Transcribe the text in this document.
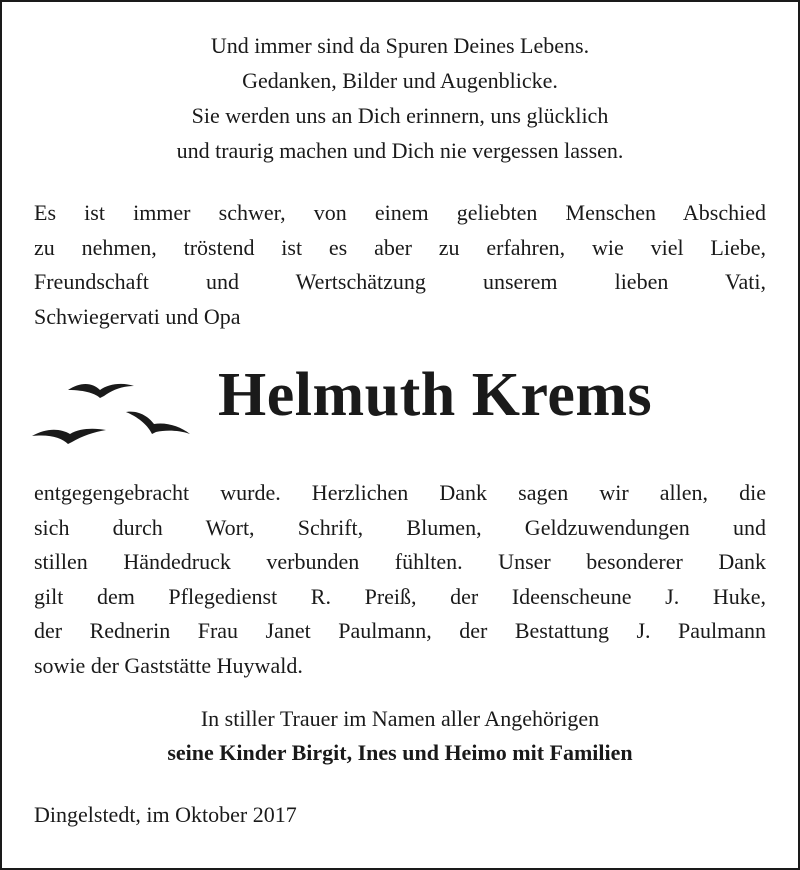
Und immer sind da Spuren Deines Lebens.
Gedanken, Bilder und Augenblicke.
Sie werden uns an Dich erinnern, uns glücklich
und traurig machen und Dich nie vergessen lassen.
Es ist immer schwer, von einem geliebten Menschen Abschied
zu nehmen, tröstend ist es aber zu erfahren, wie viel Liebe,
Freundschaft und Wertschätzung unserem lieben Vati,
Schwiegervati und Opa
Helmuth Krems
entgegengebracht wurde. Herzlichen Dank sagen wir allen, die
sich durch Wort, Schrift, Blumen, Geldzuwendungen und
stillen Händedruck verbunden fühlten. Unser besonderer Dank
gilt dem Pflegedienst R. Preiß, der Ideenscheune J. Huke,
der Rednerin Frau Janet Paulmann, der Bestattung J. Paulmann
sowie der Gaststätte Huywald.
In stiller Trauer im Namen aller Angehörigen
seine Kinder Birgit, Ines und Heimo mit Familien
Dingelstedt, im Oktober 2017
